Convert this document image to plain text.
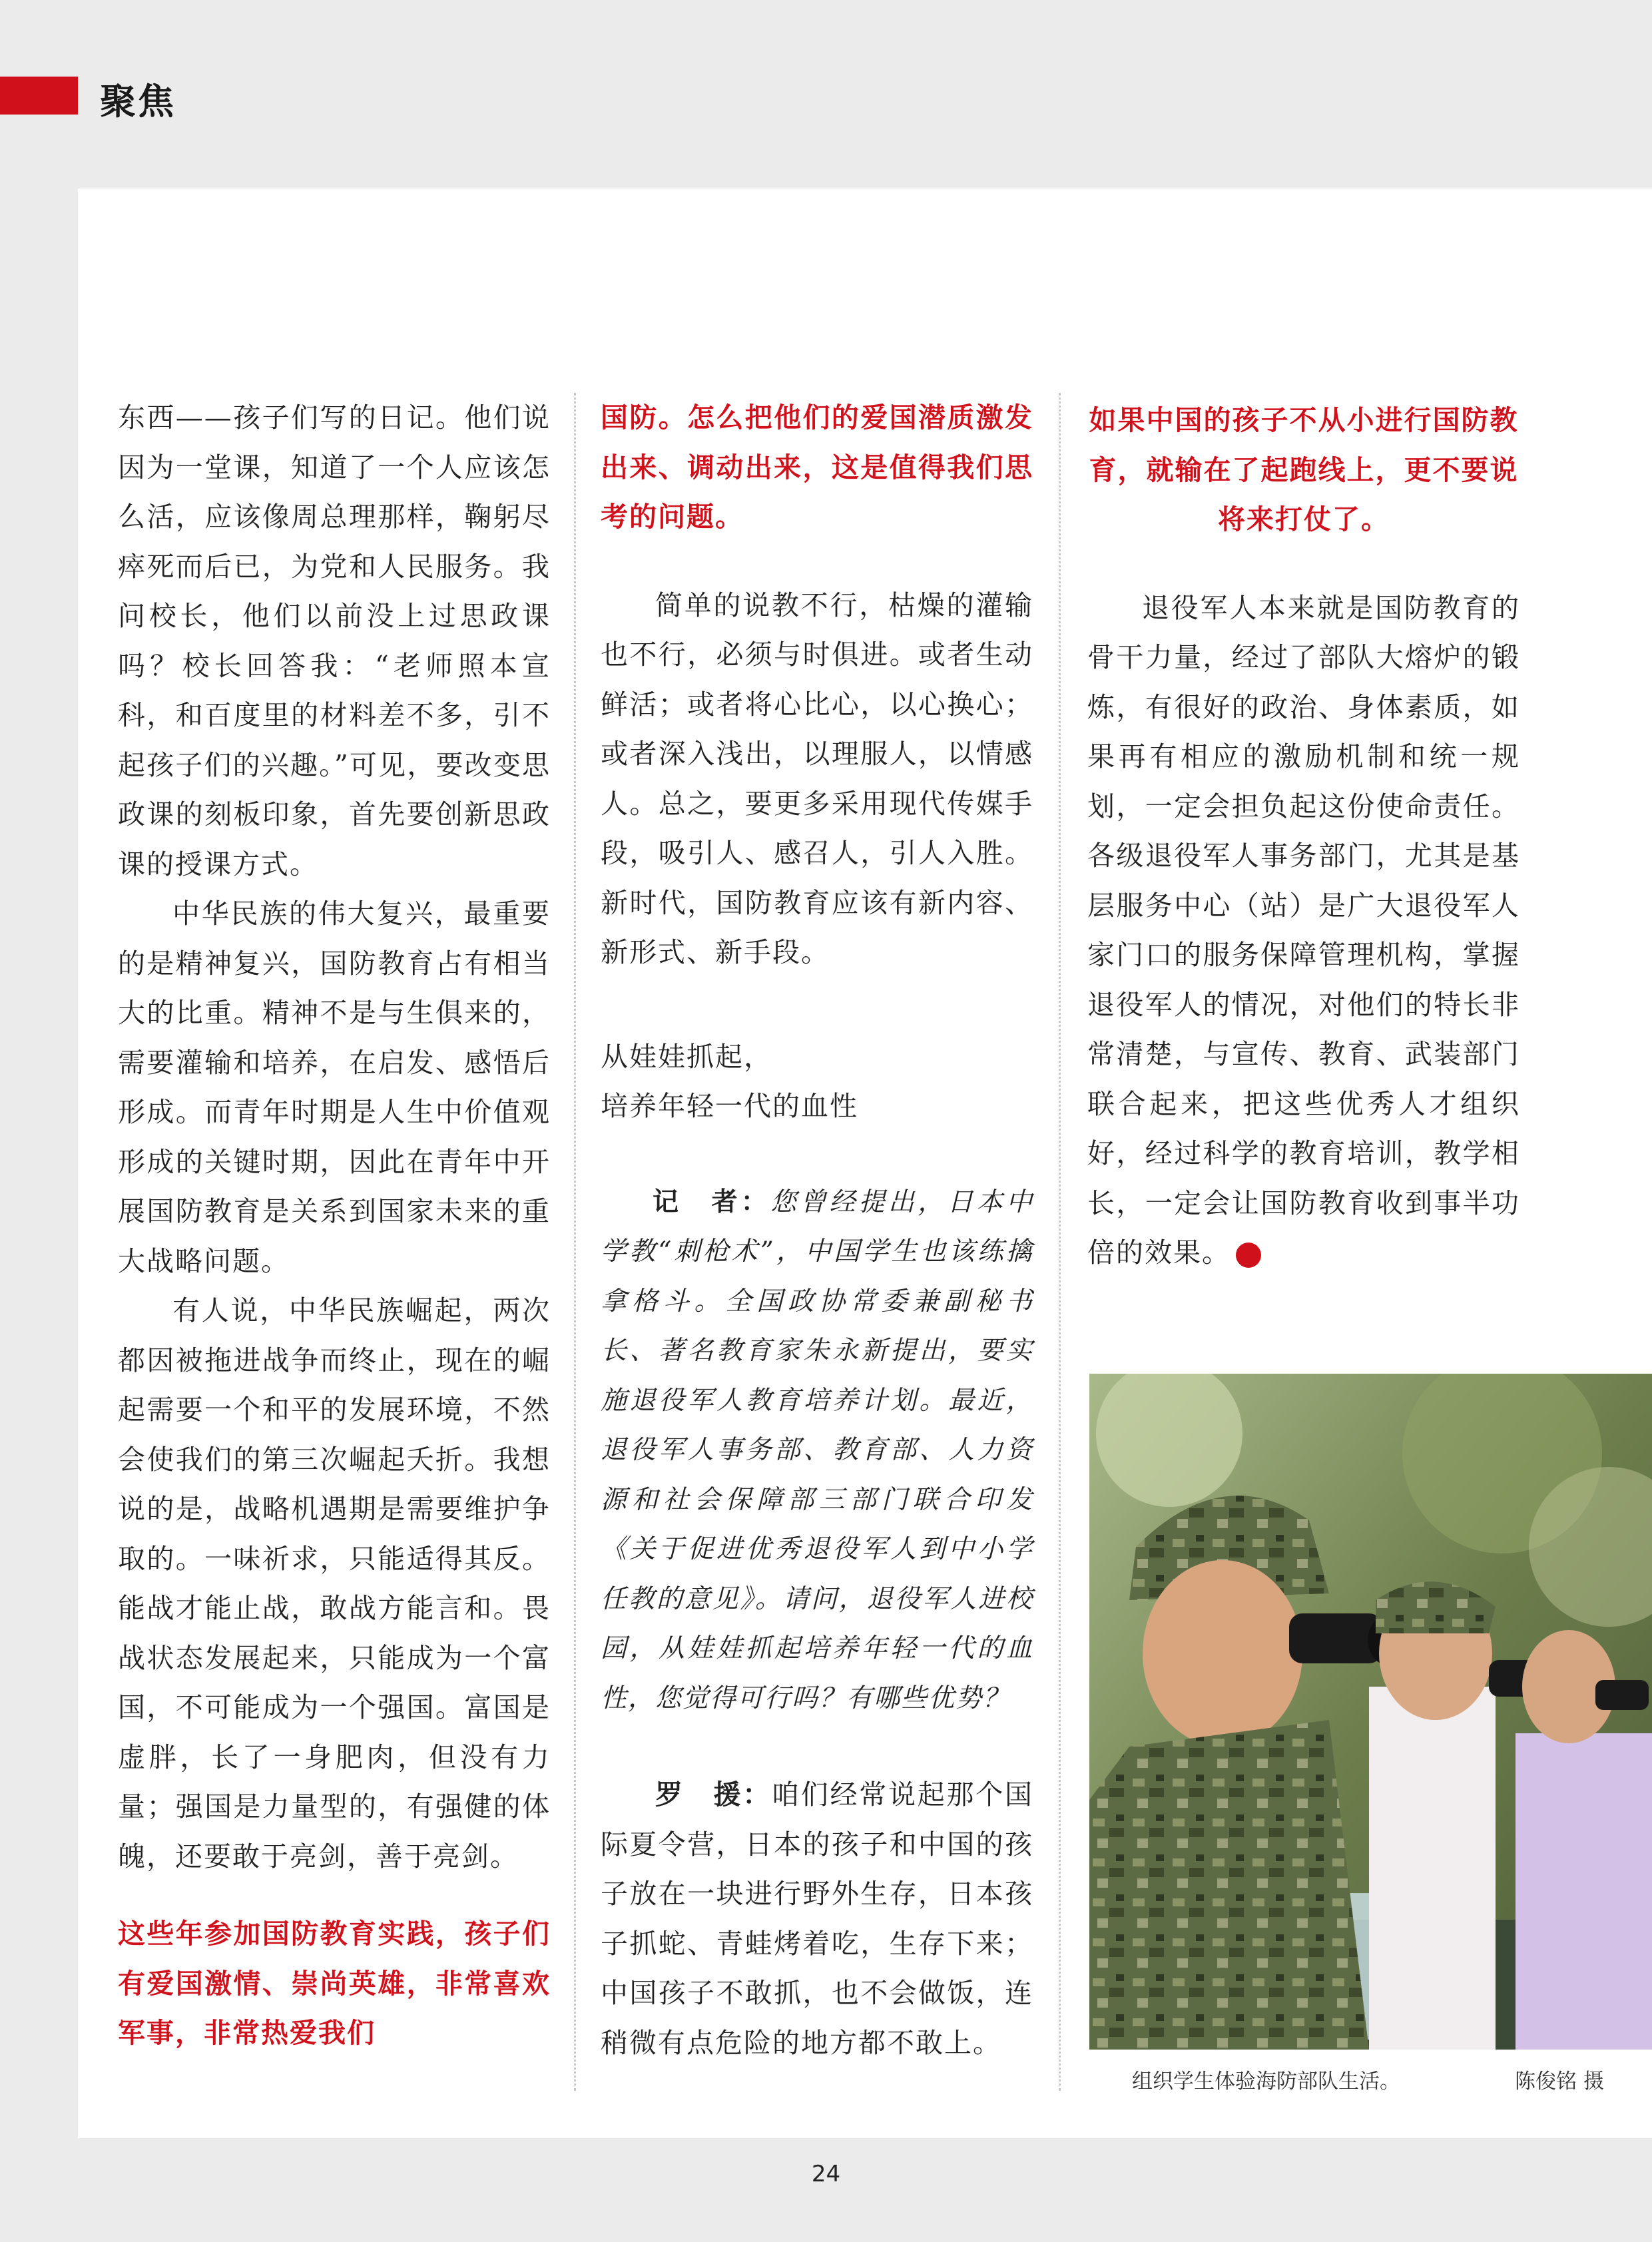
聚焦

东西——孩子们写的日记。他们说因为一堂课，知道了一个人应该怎么活，应该像周总理那样，鞠躬尽瘁死而后已，为党和人民服务。我问校长，他们以前没上过思政课吗？校长回答我：“老师照本宣科，和百度里的材料差不多，引不起孩子们的兴趣。”可见，要改变思政课的刻板印象，首先要创新思政课的授课方式。

中华民族的伟大复兴，最重要的是精神复兴，国防教育占有相当大的比重。精神不是与生俱来的，需要灌输和培养，在启发、感悟后形成。而青年时期是人生中价值观形成的关键时期，因此在青年中开展国防教育是关系到国家未来的重大战略问题。

有人说，中华民族崛起，两次都因被拖进战争而终止，现在的崛起需要一个和平的发展环境，不然会使我们的第三次崛起夭折。我想说的是，战略机遇期是需要维护争取的。一味祈求，只能适得其反。能战才能止战，敢战方能言和。畏战状态发展起来，只能成为一个富国，不可能成为一个强国。富国是虚胖，长了一身肥肉，但没有力量；强国是力量型的，有强健的体魄，还要敢于亮剑，善于亮剑。

这些年参加国防教育实践，孩子们有爱国激情、崇尚英雄，非常喜欢军事，非常热爱我们

国防。怎么把他们的爱国潜质激发出来、调动出来，这是值得我们思考的问题。

简单的说教不行，枯燥的灌输也不行，必须与时俱进。或者生动鲜活；或者将心比心，以心换心；或者深入浅出，以理服人，以情感人。总之，要更多采用现代传媒手段，吸引人、感召人，引人入胜。新时代，国防教育应该有新内容、新形式、新手段。

从娃娃抓起，

培养年轻一代的血性

记　者：您曾经提出，日本中学教“刺枪术”，中国学生也该练擒拿格斗。全国政协常委兼副秘书长、著名教育家朱永新提出，要实施退役军人教育培养计划。最近，退役军人事务部、教育部、人力资源和社会保障部三部门联合印发《关于促进优秀退役军人到中小学任教的意见》。请问，退役军人进校园，从娃娃抓起培养年轻一代的血性，您觉得可行吗？有哪些优势？

罗　援：咱们经常说起那个国际夏令营，日本的孩子和中国的孩子放在一块进行野外生存，日本孩子抓蛇、青蛙烤着吃，生存下来；中国孩子不敢抓，也不会做饭，连稍微有点危险的地方都不敢上。

如果中国的孩子不从小进行国防教育，就输在了起跑线上，更不要说将来打仗了。

退役军人本来就是国防教育的骨干力量，经过了部队大熔炉的锻炼，有很好的政治、身体素质，如果再有相应的激励机制和统一规划，一定会担负起这份使命责任。各级退役军人事务部门，尤其是基层服务中心（站）是广大退役军人家门口的服务保障管理机构，掌握退役军人的情况，对他们的特长非常清楚，与宣传、教育、武装部门联合起来，把这些优秀人才组织好，经过科学的教育培训，教学相长，一定会让国防教育收到事半功倍的效果。	V

组织学生体验海防部队生活。	陈俊铭 摄
24
